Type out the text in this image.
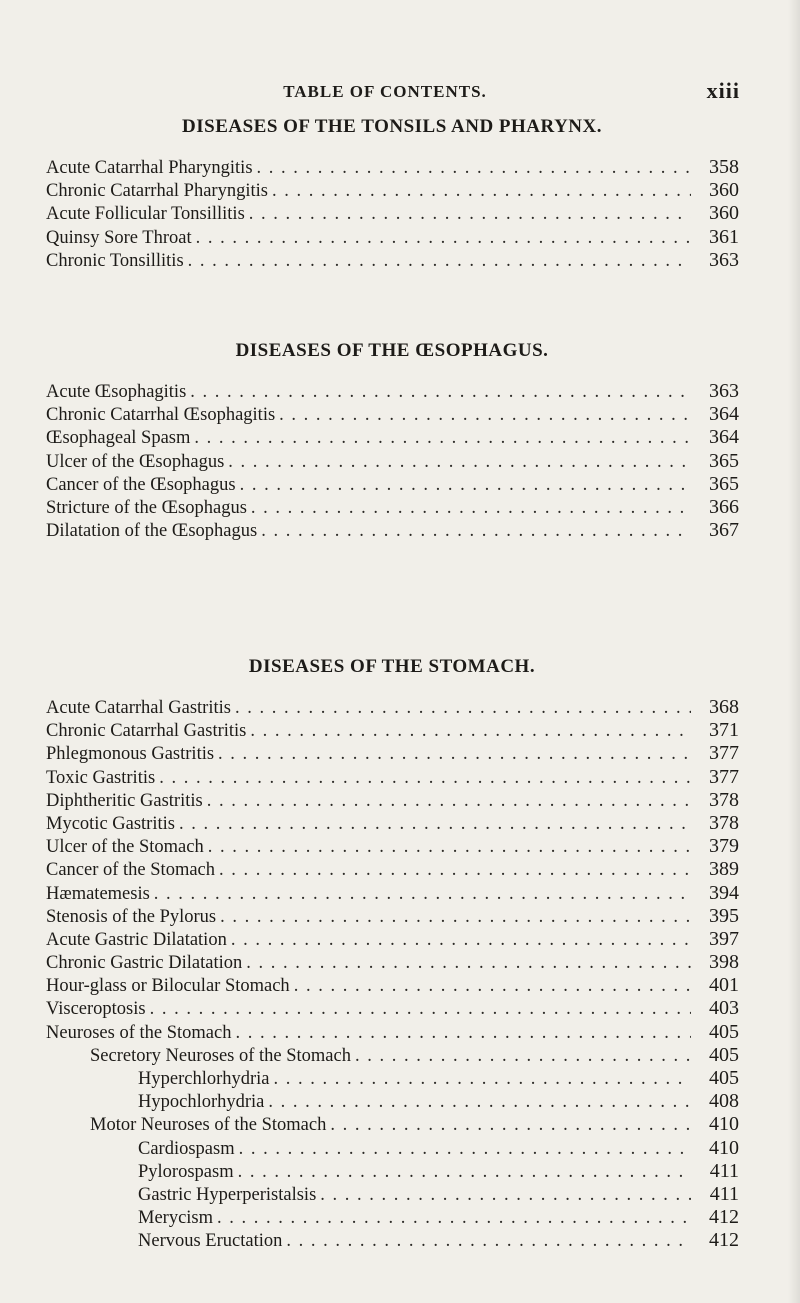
TABLE OF CONTENTS.	xiii
DISEASES OF THE TONSILS AND PHARYNX.
Acute Catarrhal Pharyngitis . . .	358
Chronic Catarrhal Pharyngitis . . .	360
Acute Follicular Tonsillitis . . .	360
Quinsy Sore Throat . . .	361
Chronic Tonsillitis . . .	363
DISEASES OF THE ŒSOPHAGUS.
Acute Œsophagitis . . .	363
Chronic Catarrhal Œsophagitis . . .	364
Œsophageal Spasm . . .	364
Ulcer of the Œsophagus . . .	365
Cancer of the Œsophagus . . .	365
Stricture of the Œsophagus . . .	366
Dilatation of the Œsophagus . . .	367
DISEASES OF THE STOMACH.
Acute Catarrhal Gastritis . . .	368
Chronic Catarrhal Gastritis . . .	371
Phlegmonous Gastritis . . .	377
Toxic Gastritis . . .	377
Diphtheritic Gastritis . . .	378
Mycotic Gastritis . . .	378
Ulcer of the Stomach . . .	379
Cancer of the Stomach . . .	389
Hæmatemesis . . .	394
Stenosis of the Pylorus . . .	395
Acute Gastric Dilatation . . .	397
Chronic Gastric Dilatation . . .	398
Hour-glass or Bilocular Stomach . . .	401
Visceroptosis . . .	403
Neuroses of the Stomach . . .	405
Secretory Neuroses of the Stomach . . .	405
Hyperchlorhydria . . .	405
Hypochlorhydria . . .	408
Motor Neuroses of the Stomach . . .	410
Cardiospasm . . .	410
Pylorospasm . . .	411
Gastric Hyperperistalsis . . .	411
Merycism . . .	412
Nervous Eructation . . .	412
